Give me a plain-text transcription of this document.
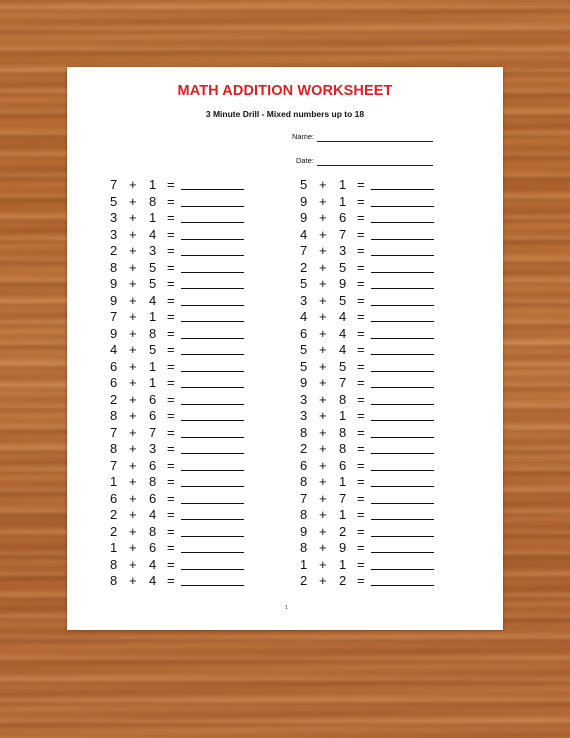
MATH ADDITION WORKSHEET
3 Minute Drill - Mixed numbers up to 18
Name:
Date:
7 + 1 =
5 + 8 =
3 + 1 =
3 + 4 =
2 + 3 =
8 + 5 =
9 + 5 =
9 + 4 =
7 + 1 =
9 + 8 =
4 + 5 =
6 + 1 =
6 + 1 =
2 + 6 =
8 + 6 =
7 + 7 =
8 + 3 =
7 + 6 =
1 + 8 =
6 + 6 =
2 + 4 =
2 + 8 =
1 + 6 =
8 + 4 =
8 + 4 =
5 + 1 =
9 + 1 =
9 + 6 =
4 + 7 =
7 + 3 =
2 + 5 =
5 + 9 =
3 + 5 =
4 + 4 =
6 + 4 =
5 + 4 =
5 + 5 =
9 + 7 =
3 + 8 =
3 + 1 =
8 + 8 =
2 + 8 =
6 + 6 =
8 + 1 =
7 + 7 =
8 + 1 =
9 + 2 =
8 + 9 =
1 + 1 =
2 + 2 =
1
